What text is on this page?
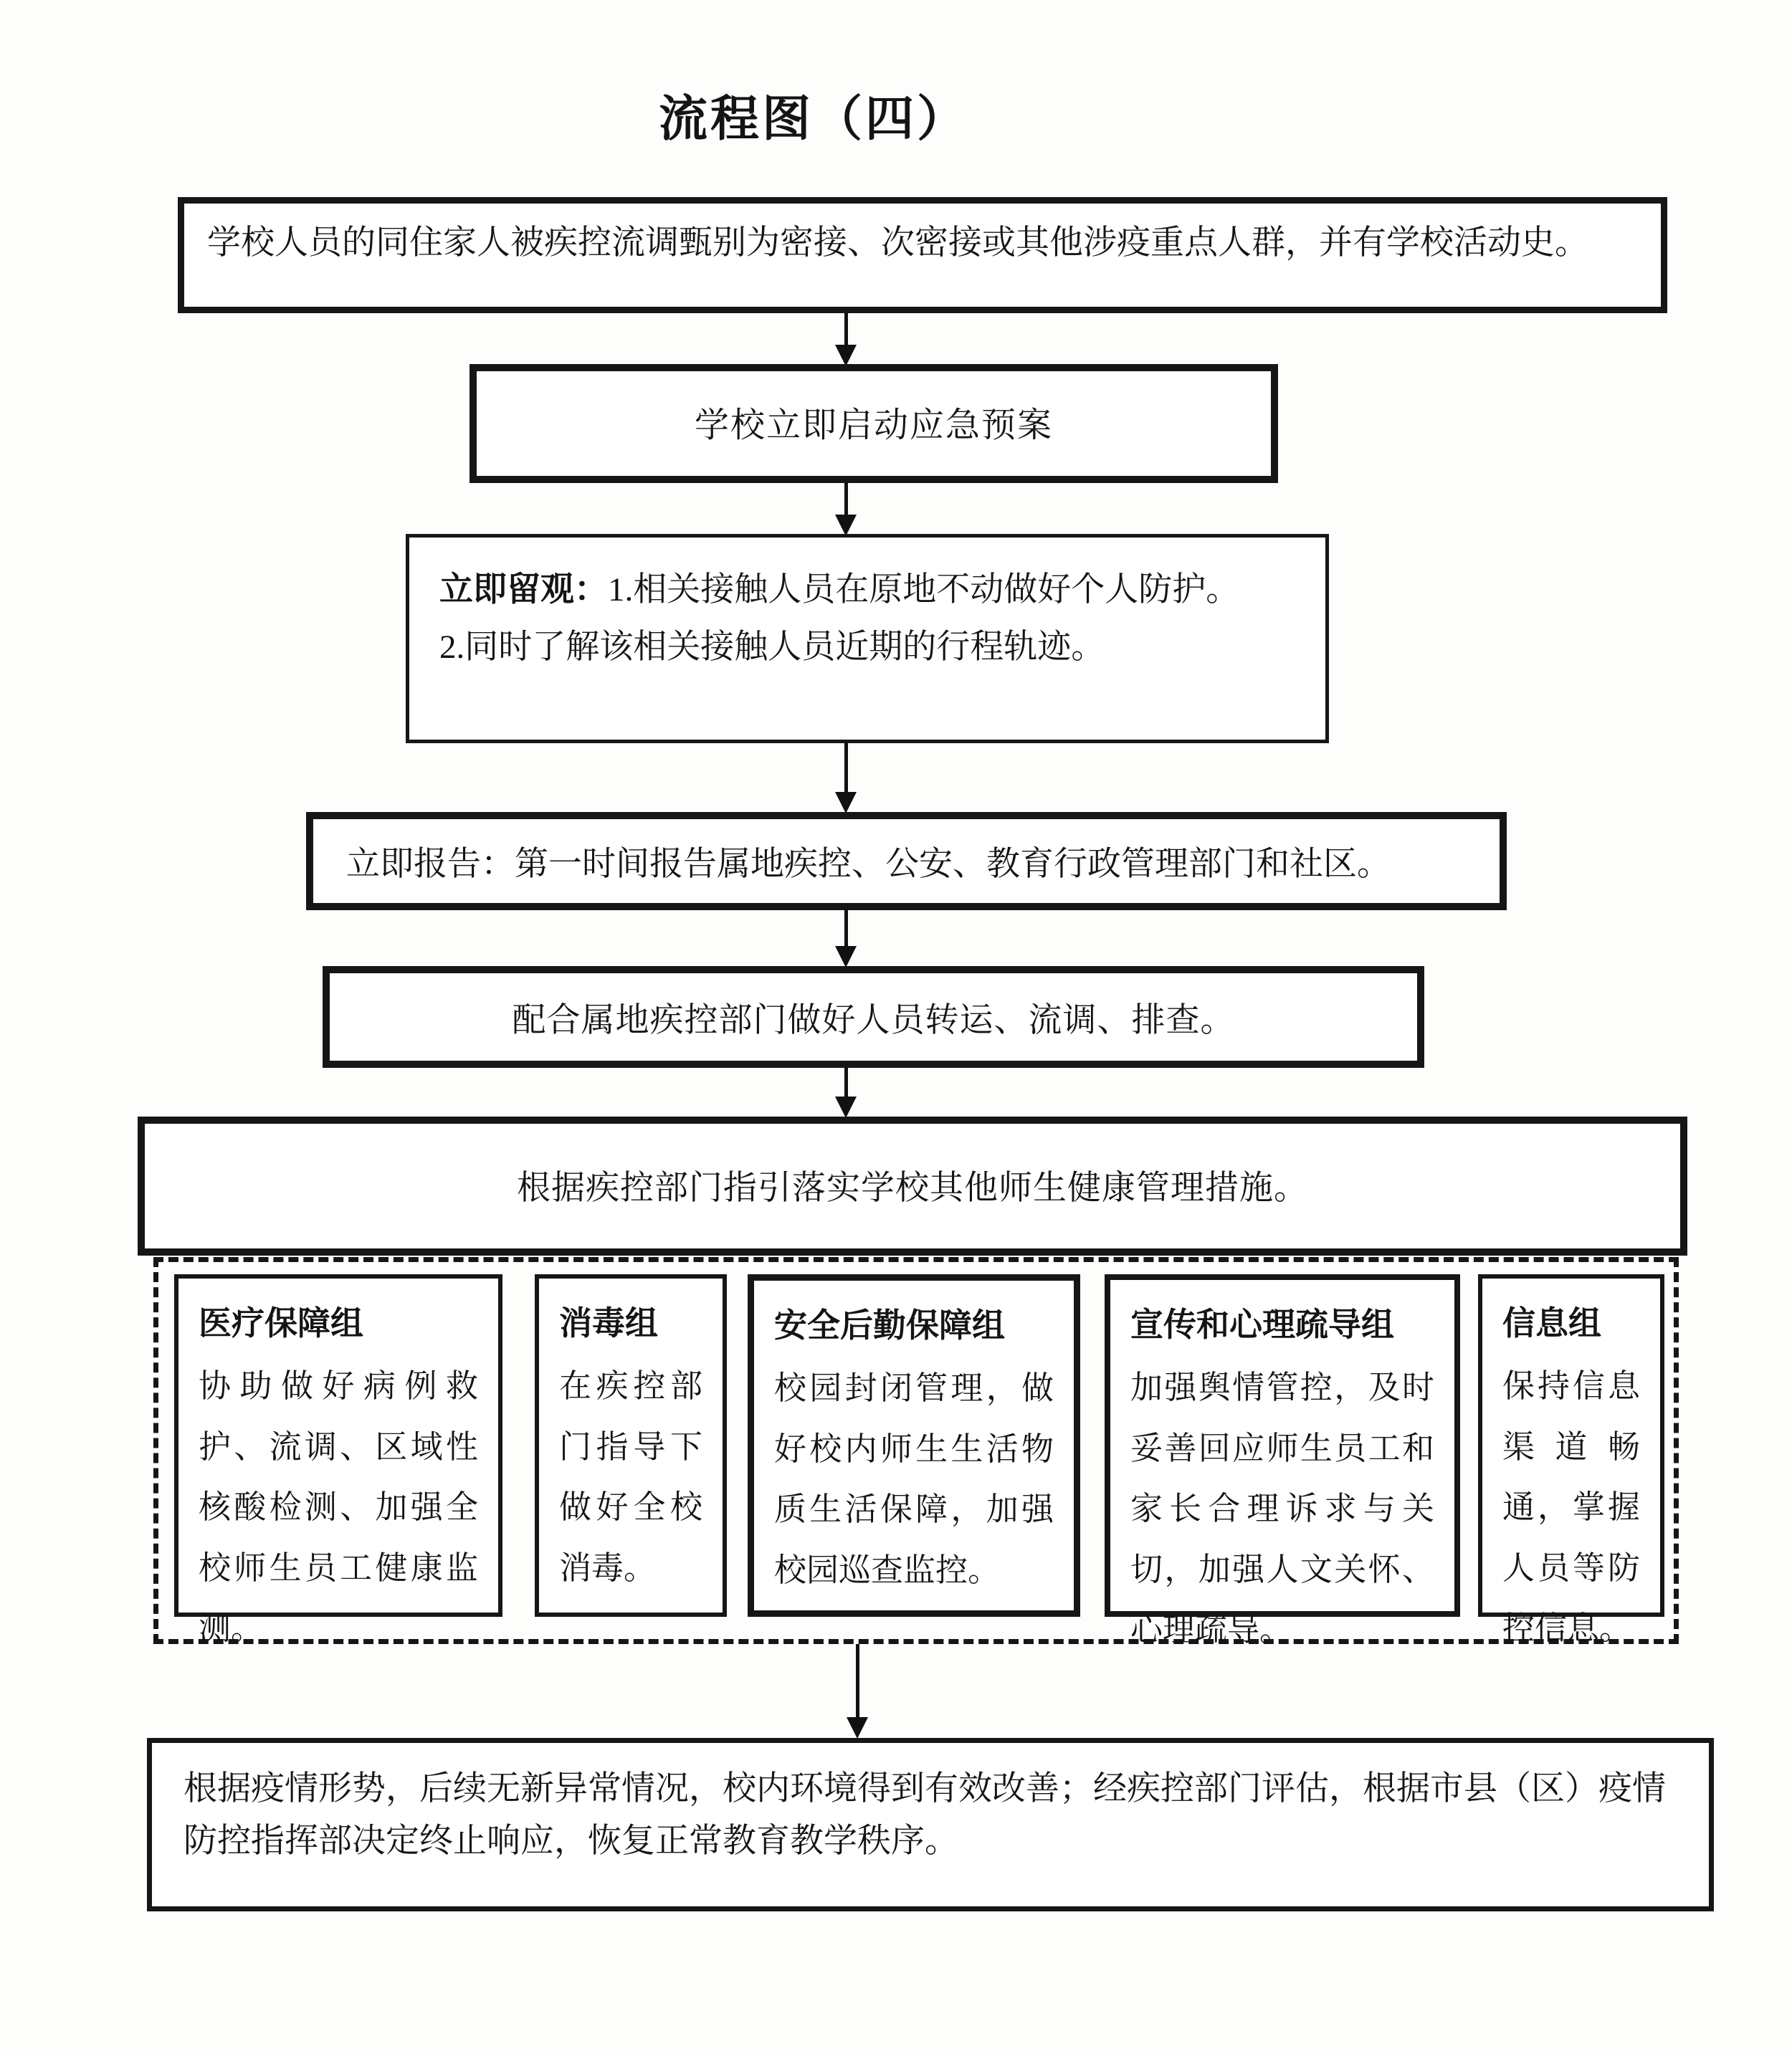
流程图（四）
学校人员的同住家人被疾控流调甄别为密接、次密接或其他涉疫重点人群，并有学校活动史。
学校立即启动应急预案
立即留观：1.相关接触人员在原地不动做好个人防护。
2.同时了解该相关接触人员近期的行程轨迹。
立即报告：第一时间报告属地疾控、公安、教育行政管理部门和社区。
配合属地疾控部门做好人员转运、流调、排查。
根据疾控部门指引落实学校其他师生健康管理措施。
医疗保障组
协助做好病例救护、流调、区域性核酸检测、加强全校师生员工健康监测。
消毒组
在疾控部门指导下做好全校消毒。
安全后勤保障组
校园封闭管理，做好校内师生生活物质生活保障，加强校园巡查监控。
宣传和心理疏导组
加强舆情管控，及时妥善回应师生员工和家长合理诉求与关切，加强人文关怀、心理疏导。
信息组
保持信息渠道畅通，掌握人员等防控信息。
根据疫情形势，后续无新异常情况，校内环境得到有效改善；经疾控部门评估，根据市县（区）疫情防控指挥部决定终止响应，恢复正常教育教学秩序。
